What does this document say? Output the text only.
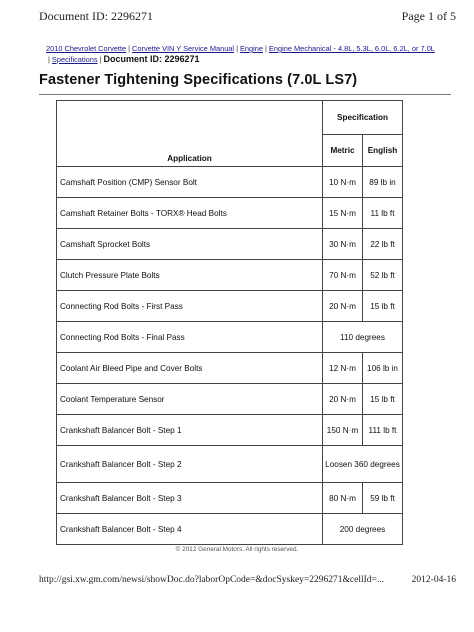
Document ID: 2296271	Page 1 of 5
2010 Chevrolet Corvette | Corvette VIN Y Service Manual | Engine | Engine Mechanical - 4.8L, 5.3L, 6.0L, 6.2L, or 7.0L
| Specifications | Document ID: 2296271
Fastener Tightening Specifications (7.0L LS7)
Application	Specification	
	Metric	English
Camshaft Position (CMP) Sensor Bolt	10 N·m	89 lb in
Camshaft Retainer Bolts - TORX® Head Bolts	15 N·m	11 lb ft
Camshaft Sprocket Bolts	30 N·m	22 lb ft
Clutch Pressure Plate Bolts	70 N·m	52 lb ft
Connecting Rod Bolts - First Pass	20 N·m	15 lb ft
Connecting Rod Bolts - Final Pass	110 degrees	
Coolant Air Bleed Pipe and Cover Bolts	12 N·m	106 lb in
Coolant Temperature Sensor	20 N·m	15 lb ft
Crankshaft Balancer Bolt - Step 1	150 N·m	111 lb ft
Crankshaft Balancer Bolt - Step 2	Loosen 360 degrees	
Crankshaft Balancer Bolt - Step 3	80 N·m	59 lb ft
Crankshaft Balancer Bolt - Step 4	200 degrees	
© 2012 General Motors. All rights reserved.
http://gsi.xw.gm.com/newsi/showDoc.do?laborOpCode=&docSyskey=2296271&cellId=...	2012-04-16
